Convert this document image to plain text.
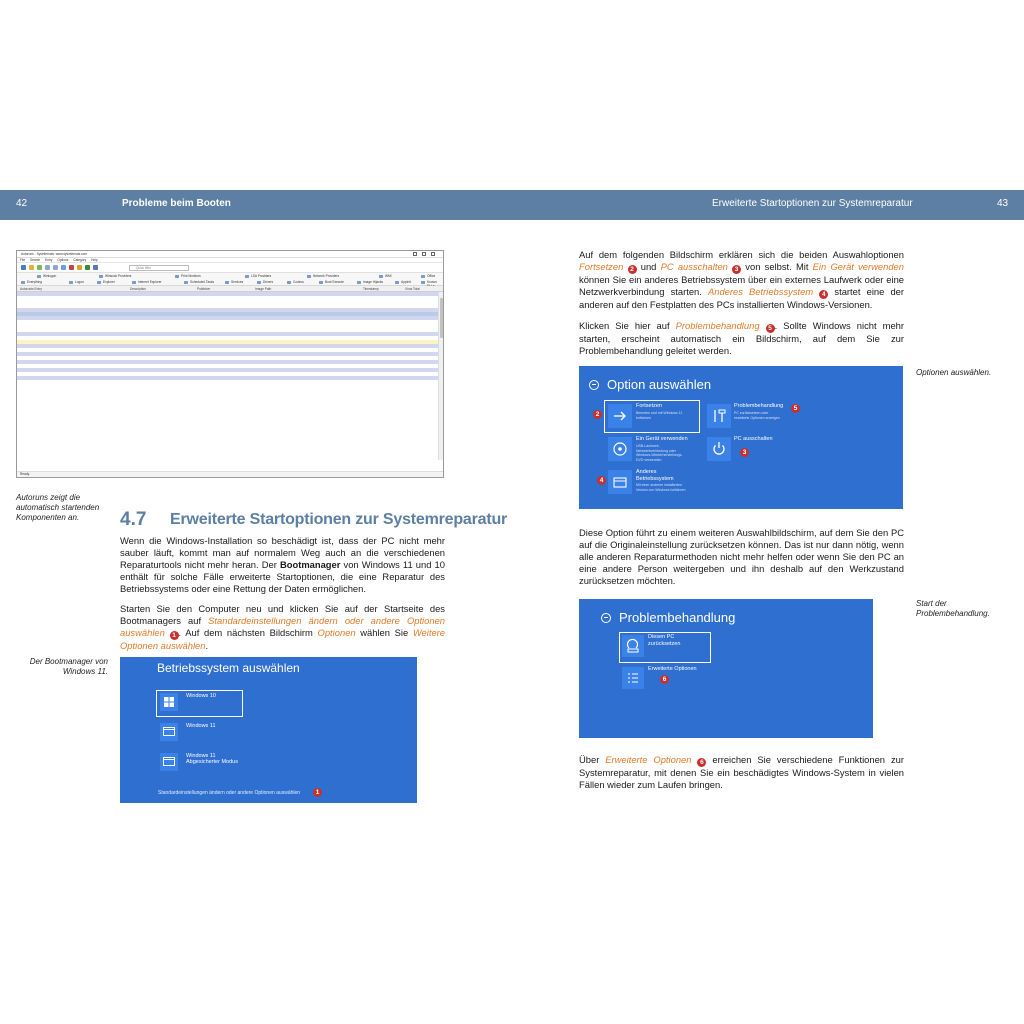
42	Probleme beim Booten	Erweiterte Startoptionen zur Systemreparatur	43
Autoruns - Sysinternals: www.sysinternals.com
File Search Entry Options Category Help
Quick filter
Winlogon	Winsock Providers	Print Monitors	LSA Providers	Network Providers	WMI	Office
Everything	Logon	Explorer	Internet Explorer	Scheduled Tasks	Services	Drivers	Codecs	Boot Execute	Image Hijacks	AppInit	Known
Autorunts Entry	Description	Publisher	Image Path	Timestamp	Virus Total
Ready.
Autoruns zeigt die automatisch startenden Komponenten an.
Der Bootmanager von Windows 11.
4.7 Erweiterte Startoptionen zur Systemreparatur
Wenn die Windows-Installation so beschädigt ist, dass der PC nicht mehr sauber läuft, kommt man auf normalem Weg auch an die verschiedenen Reparaturtools nicht mehr heran. Der Bootmanager von Windows 11 und 10 enthält für solche Fälle erweiterte Startoptionen, die eine Reparatur des Betriebssystems oder eine Rettung der Daten ermöglichen.
Starten Sie den Computer neu und klicken Sie auf der Startseite des Bootmanagers auf Standardeinstellungen ändern oder andere Optionen auswählen 1 . Auf dem nächsten Bildschirm Optionen wählen Sie Weitere Optionen auswählen.
Betriebssystem auswählen
Windows 10
Windows 11
Windows 11
Abgesicherter Modus
Standardeinstellungen ändern oder andere Optionen auswählen	1
Auf dem folgenden Bildschirm erklären sich die beiden Auswahloptionen Fortsetzen 2 und PC ausschalten 3 von selbst. Mit Ein Gerät verwenden können Sie ein anderes Betriebssystem über ein externes Laufwerk oder eine Netzwerkverbindung starten. Anderes Betriebssystem 4 startet eine der anderen auf den Festplatten des PCs installierten Windows-Versionen.
Klicken Sie hier auf Problembehandlung 5 . Sollte Windows nicht mehr starten, erscheint automatisch ein Bildschirm, auf dem Sie zur Problembehandlung geleitet werden.
Option auswählen
2
Fortsetzen
Beenden und mit Windows 11 fortfahren
Problembehandlung
PC zurücksetzen oder erweiterte Optionen anzeigen
5
Ein Gerät verwenden
USB-Laufwerk, Netzwerkverbindung oder Windows-Wiederherstellungs-DVD verwenden
PC ausschalten
3
4
Anderes Betriebssystem
Mit einer anderen installierten Version von Windows fortfahren
Optionen auswählen.
Diese Option führt zu einem weiteren Auswahlbildschirm, auf dem Sie den PC auf die Originaleinstellung zurücksetzen können. Das ist nur dann nötig, wenn alle anderen Reparaturmethoden nicht mehr helfen oder wenn Sie den PC an eine andere Person weitergeben und ihn deshalb auf den Werkzustand zurücksetzen möchten.
Problembehandlung
Diesen PC zurücksetzen
Erweiterte Optionen
6
Start der Problembehandlung.
Über Erweiterte Optionen 6 erreichen Sie verschiedene Funktionen zur Systemreparatur, mit denen Sie ein beschädigtes Windows-System in vielen Fällen wieder zum Laufen bringen.
